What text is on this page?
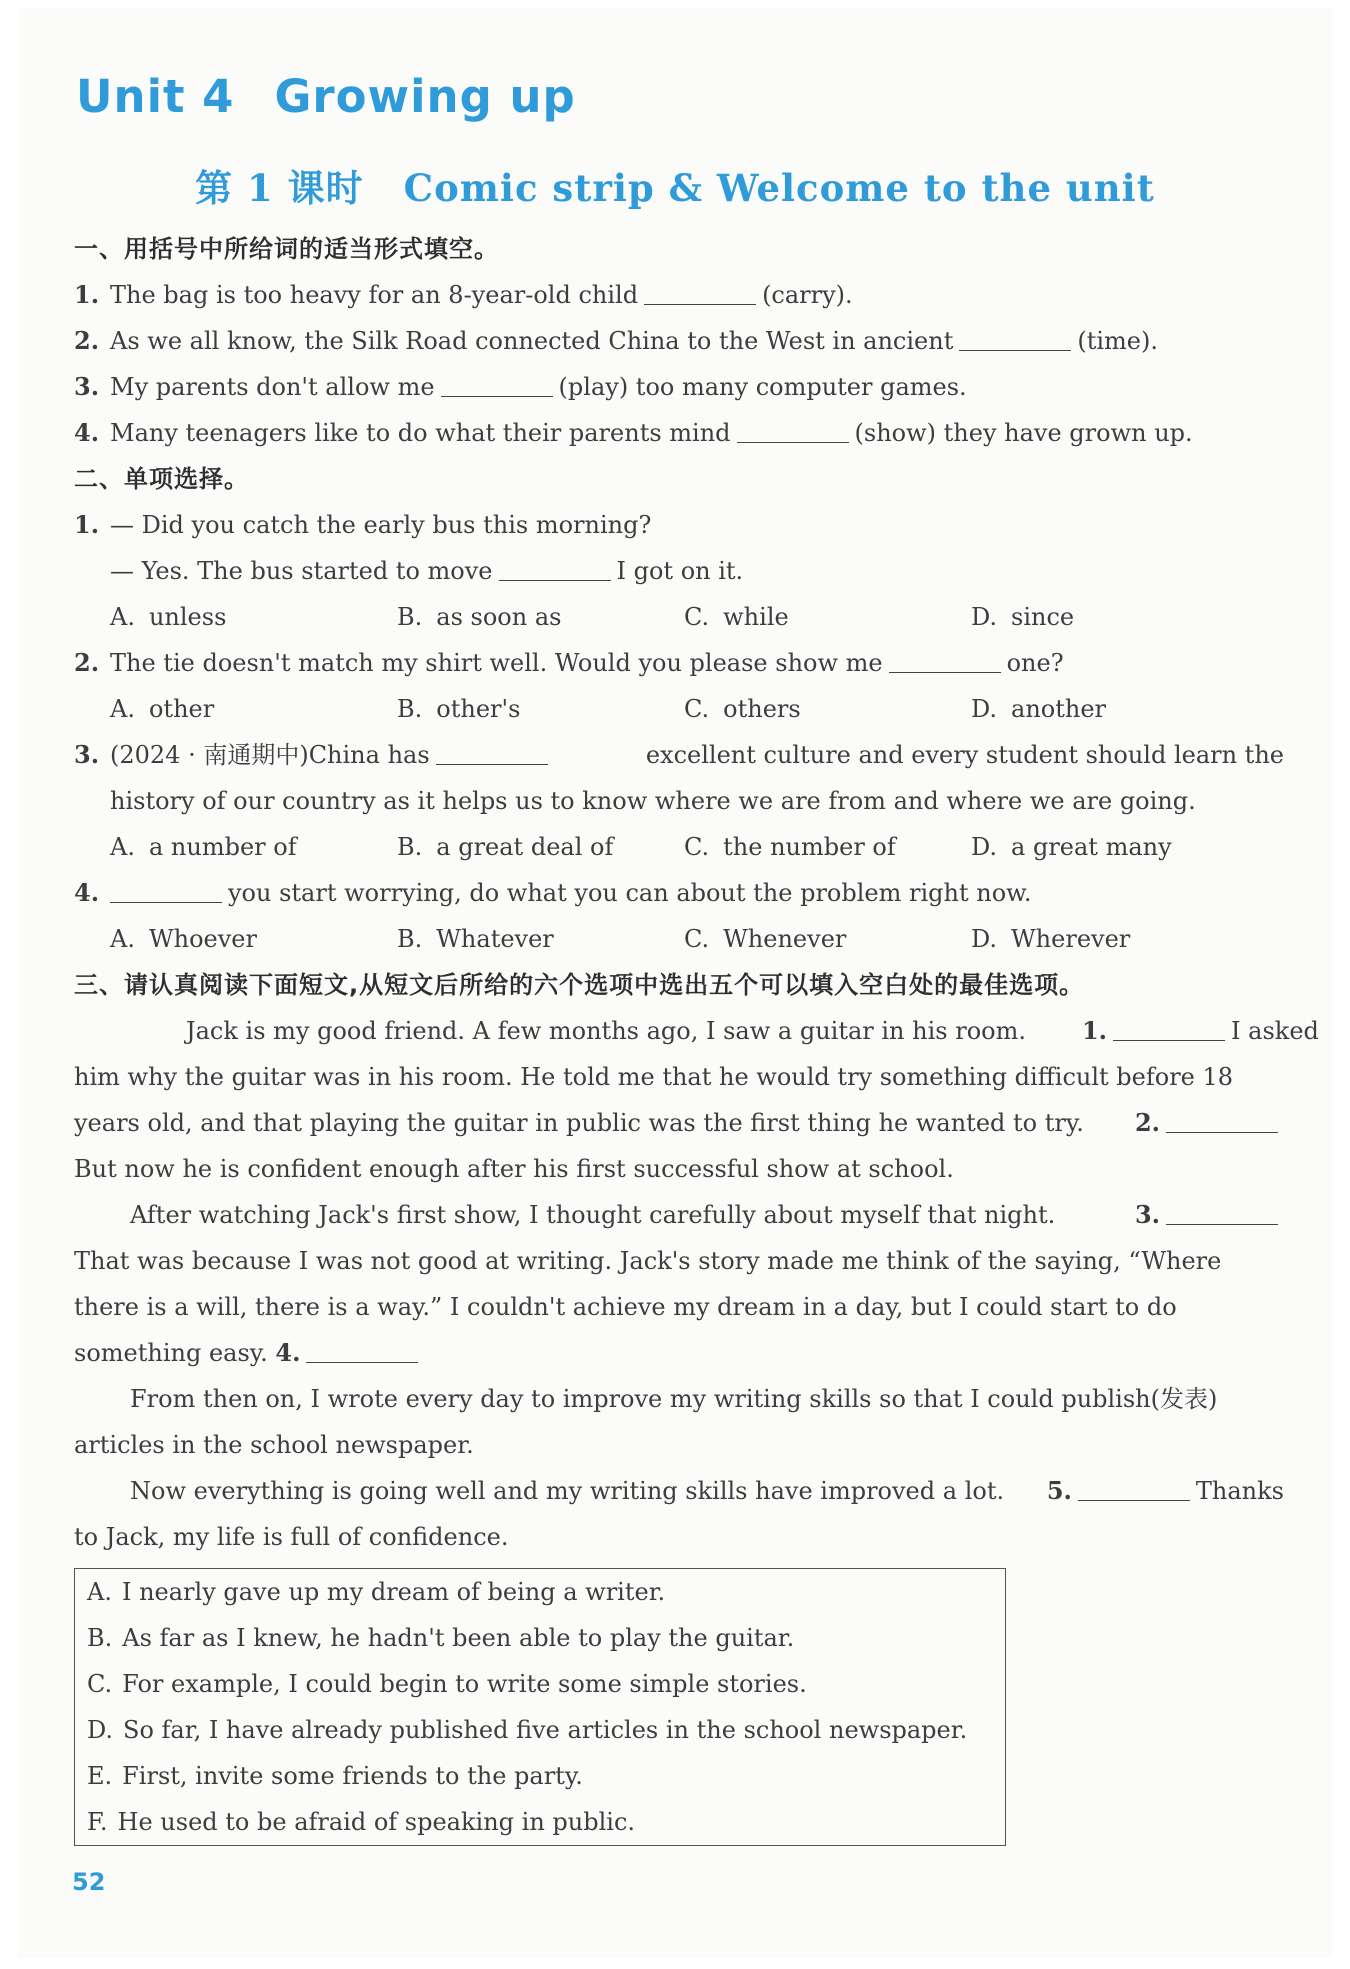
Unit 4 Growing up
第 1 课时 Comic strip & Welcome to the unit
一、用括号中所给词的适当形式填空。
1. The bag is too heavy for an 8-year-old child	(carry).
2. As we all know, the Silk Road connected China to the West in ancient	(time).
3. My parents don't allow me	(play) too many computer games.
4. Many teenagers like to do what their parents mind	(show) they have grown up.
二、单项选择。
1. — Did you catch the early bus this morning?
— Yes. The bus started to move	I got on it.
A. unless	B. as soon as	C. while	D. since
2. The tie doesn't match my shirt well. Would you please show me	one?
A. other	B. other's	C. others	D. another
3. (2024 · 南通期中)China has	excellent culture and every student should learn the
history of our country as it helps us to know where we are from and where we are going.
A. a number of	B. a great deal of	C. the number of	D. a great many
4.	you start worrying, do what you can about the problem right now.
A. Whoever	B. Whatever	C. Whenever	D. Wherever
三、请认真阅读下面短文,从短文后所给的六个选项中选出五个可以填入空白处的最佳选项。
Jack is my good friend. A few months ago, I saw a guitar in his room.	1.	I asked
him why the guitar was in his room. He told me that he would try something difficult before 18
years old, and that playing the guitar in public was the first thing he wanted to try. 2.
But now he is confident enough after his first successful show at school.
After watching Jack's first show, I thought carefully about myself that night.	3.
That was because I was not good at writing. Jack's story made me think of the saying, “Where
there is a will, there is a way.” I couldn't achieve my dream in a day, but I could start to do
something easy. 4.
From then on, I wrote every day to improve my writing skills so that I could publish(发表)
articles in the school newspaper.
Now everything is going well and my writing skills have improved a lot. 5.	Thanks
to Jack, my life is full of confidence.
A. I nearly gave up my dream of being a writer.
B. As far as I knew, he hadn't been able to play the guitar.
C. For example, I could begin to write some simple stories.
D. So far, I have already published five articles in the school newspaper.
E. First, invite some friends to the party.
F. He used to be afraid of speaking in public.
52
